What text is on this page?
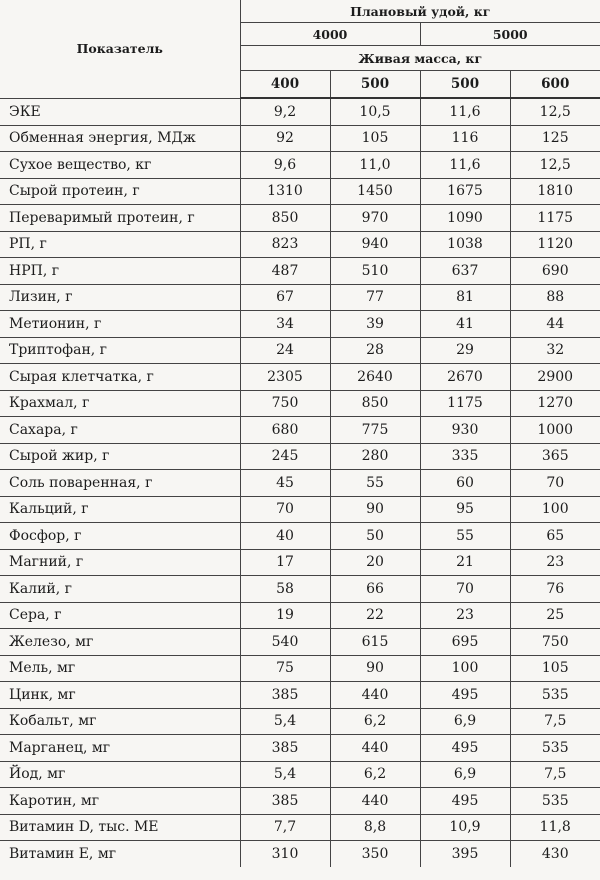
Показатель	Плановый удой, кг			
	4000		5000	
	Живая масса, кг			
	400	500	500	600
ЭКЕ	9,2	10,5	11,6	12,5
Обменная энергия, МДж	92	105	116	125
Сухое вещество, кг	9,6	11,0	11,6	12,5
Сырой протеин, г	1310	1450	1675	1810
Переваримый протеин, г	850	970	1090	1175
РП, г	823	940	1038	1120
НРП, г	487	510	637	690
Лизин, г	67	77	81	88
Метионин, г	34	39	41	44
Триптофан, г	24	28	29	32
Сырая клетчатка, г	2305	2640	2670	2900
Крахмал, г	750	850	1175	1270
Сахара, г	680	775	930	1000
Сырой жир, г	245	280	335	365
Соль поваренная, г	45	55	60	70
Кальций, г	70	90	95	100
Фосфор, г	40	50	55	65
Магний, г	17	20	21	23
Калий, г	58	66	70	76
Сера, г	19	22	23	25
Железо, мг	540	615	695	750
Мель, мг	75	90	100	105
Цинк, мг	385	440	495	535
Кобальт, мг	5,4	6,2	6,9	7,5
Марганец, мг	385	440	495	535
Йод, мг	5,4	6,2	6,9	7,5
Каротин, мг	385	440	495	535
Витамин D, тыс. МЕ	7,7	8,8	10,9	11,8
Витамин E, мг	310	350	395	430
